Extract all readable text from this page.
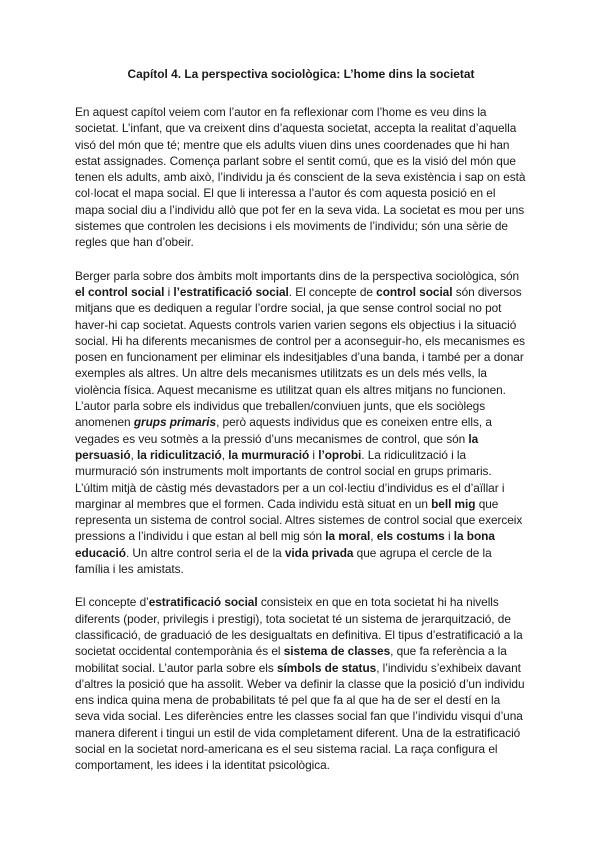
Capítol 4. La perspectiva sociològica: L’home dins la societat

En aquest capítol veiem com l’autor en fa reflexionar com l’home es veu dins la societat. L’infant, que va creixent dins d’aquesta societat, accepta la realitat d’aquella visó del món que té; mentre que els adults viuen dins unes coordenades que hi han estat assignades. Comença parlant sobre el sentit comú, que es la visió del món que tenen els adults, amb això, l’individu ja és conscient de la seva existència i sap on està col·locat el mapa social. El que li interessa a l’autor és com aquesta posició en el mapa social diu a l’individu allò que pot fer en la seva vida. La societat es mou per uns sistemes que controlen les decisions i els moviments de l’individu; són una sèrie de regles que han d’obeir.

Berger parla sobre dos àmbits molt importants dins de la perspectiva sociològica, són el control social i l’estratificació social. El concepte de control social són diversos mitjans que es dediquen a regular l’ordre social, ja que sense control social no pot haver-hi cap societat. Aquests controls varien varien segons els objectius i la situació social. Hi ha diferents mecanismes de control per a aconseguir-ho, els mecanismes es posen en funcionament per eliminar els indesitjables d’una banda, i també per a donar exemples als altres. Un altre dels mecanismes utilitzats es un dels més vells, la violència física. Aquest mecanisme es utilitzat quan els altres mitjans no funcionen. L’autor parla sobre els individus que treballen/conviuen junts, que els sociòlegs anomenen grups primaris, però aquests individus que es coneixen entre ells, a vegades es veu sotmès a la pressió d’uns mecanismes de control, que són la persuasió, la ridiculització, la murmuració i l’oprobi. La ridiculització i la murmuració són instruments molt importants de control social en grups primaris. L’últim mitjà de càstig més devastadors per a un col·lectiu d’individus es el d’aïllar i marginar al membres que el formen. Cada individu està situat en un bell mig que representa un sistema de control social. Altres sistemes de control social que exerceix pressions a l’individu i que estan al bell mig són la moral, els costums i la bona educació. Un altre control seria el de la vida privada que agrupa el cercle de la família i les amistats.

El concepte d’estratificació social consisteix en que en tota societat hi ha nivells diferents (poder, privilegis i prestigi), tota societat té un sistema de jerarquització, de classificació, de graduació de les desigualtats en definitiva. El tipus d’estratificació a la societat occidental contemporània és el sistema de classes, que fa referència a la mobilitat social. L’autor parla sobre els símbols de status, l’individu s’exhibeix davant d’altres la posició que ha assolit. Weber va definir la classe que la posició d’un individu ens indica quina mena de probabilitats té pel que fa al que ha de ser el destí en la seva vida social. Les diferències entre les classes social fan que l’individu visqui d’una manera diferent i tingui un estil de vida completament diferent. Una de la estratificació social en la societat nord-americana es el seu sistema racial. La raça configura el comportament, les idees i la identitat psicològica.
